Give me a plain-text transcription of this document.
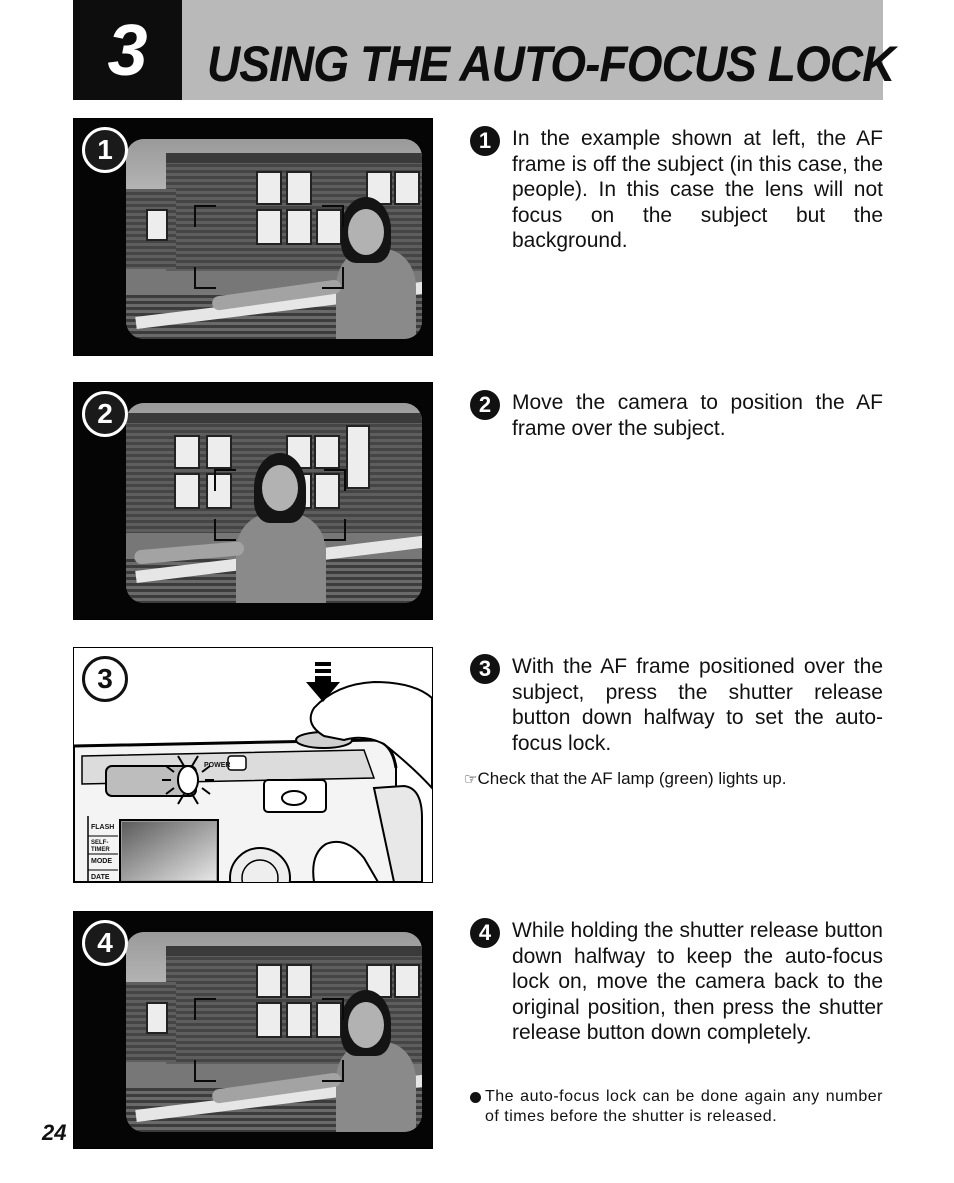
3	USING THE AUTO-FOCUS LOCK
1
2
POWER
FLASH
SELF-TIMER
MODE
DATE
3
4
1 In the example shown at left, the AF frame is off the subject (in this case, the people). In this case the lens will not focus on the subject but the background.
2 Move the camera to position the AF frame over the subject.
3 With the AF frame positioned over the subject, press the shutter release button down halfway to set the auto-focus lock.
☞Check that the AF lamp (green) lights up.
4 While holding the shutter release button down halfway to keep the auto-focus lock on, move the camera back to the original position, then press the shutter release button down completely.
The auto-focus lock can be done again any number of times before the shutter is released.
24
